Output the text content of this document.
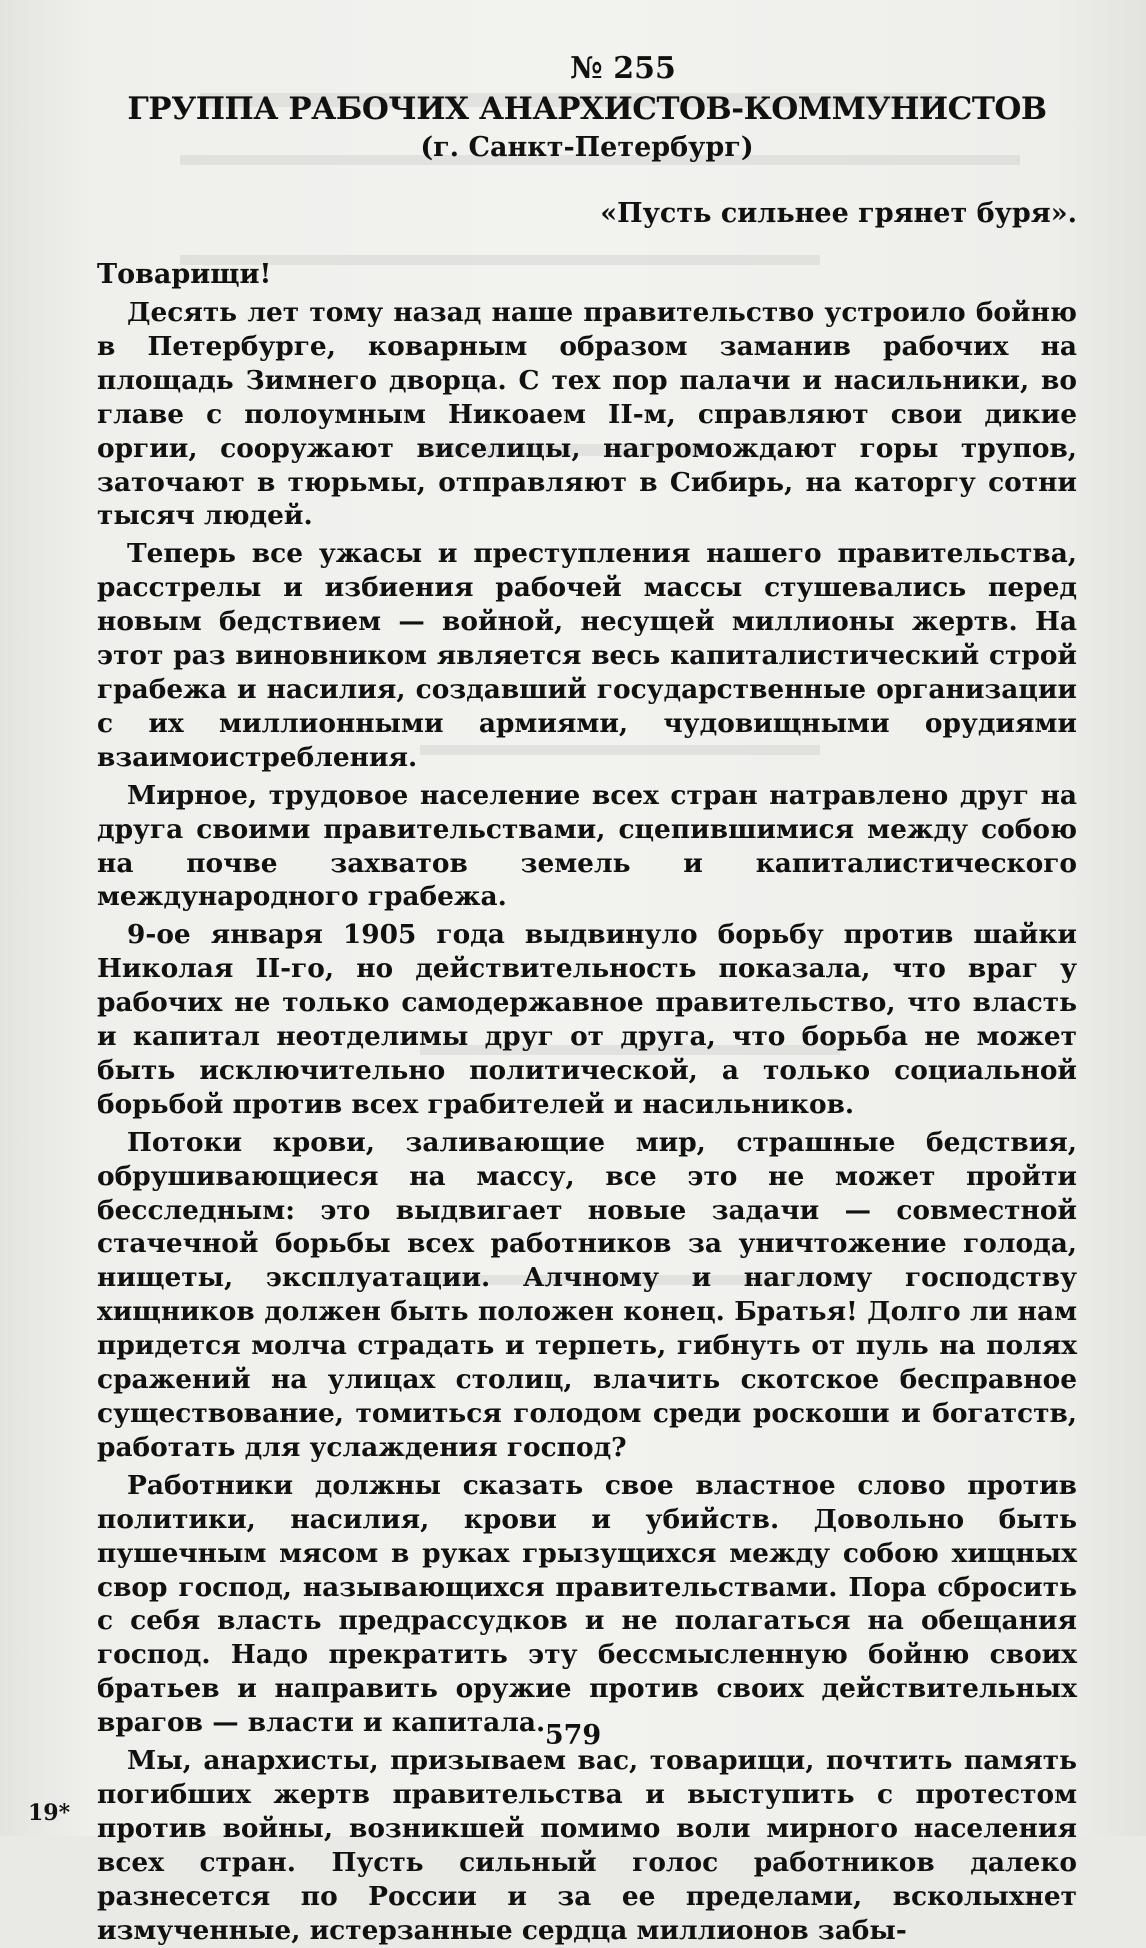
№ 255
ГРУППА РАБОЧИХ АНАРХИСТОВ-КОММУНИСТОВ
(г. Санкт-Петербург)
«Пусть сильнее грянет буря».
Товарищи!

Десять лет тому назад наше правительство устроило бойню в Петербурге, коварным образом заманив рабочих на площадь Зимнего дворца. С тех пор палачи и насильники, во главе с полоумным Никоаем II-м, справляют свои дикие оргии, сооружают виселицы, нагромождают горы трупов, заточают в тюрьмы, отправляют в Сибирь, на каторгу сотни тысяч людей.

Теперь все ужасы и преступления нашего правительства, расстрелы и избиения рабочей массы стушевались перед новым бедствием — войной, несущей миллионы жертв. На этот раз виновником является весь капиталистический строй грабежа и насилия, создавший государственные организации с их миллионными армиями, чудовищными орудиями взаимоистребления.

Мирное, трудовое население всех стран натравлено друг на друга своими правительствами, сцепившимися между собою на почве захватов земель и капиталистического международного грабежа.

9-ое января 1905 года выдвинуло борьбу против шайки Николая II-го, но действительность показала, что враг у рабочих не только самодержавное правительство, что власть и капитал неотделимы друг от друга, что борьба не может быть исключительно политической, а только социальной борьбой против всех грабителей и насильников.

Потоки крови, заливающие мир, страшные бедствия, обрушивающиеся на массу, все это не может пройти бесследным: это выдвигает новые задачи — совместной стачечной борьбы всех работников за уничтожение голода, нищеты, эксплуатации. Алчному и наглому господству хищников должен быть положен конец. Братья! Долго ли нам придется молча страдать и терпеть, гибнуть от пуль на полях сражений на улицах столиц, влачить скотское бесправное существование, томиться голодом среди роскоши и богатств, работать для услаждения господ?

Работники должны сказать свое властное слово против политики, насилия, крови и убийств. Довольно быть пушечным мясом в руках грызущихся между собою хищных свор господ, называющихся правительствами. Пора сбросить с себя власть предрассудков и не полагаться на обещания господ. Надо прекратить эту бессмысленную бойню своих братьев и направить оружие против своих действительных врагов — власти и капитала.

Мы, анархисты, призываем вас, товарищи, почтить память погибших жертв правительства и выступить с протестом против войны, возникшей помимо воли мирного населения всех стран. Пусть сильный голос работников далеко разнесется по России и за ее пределами, всколыхнет измученные, истерзанные сердца миллионов забы-

579
19*
